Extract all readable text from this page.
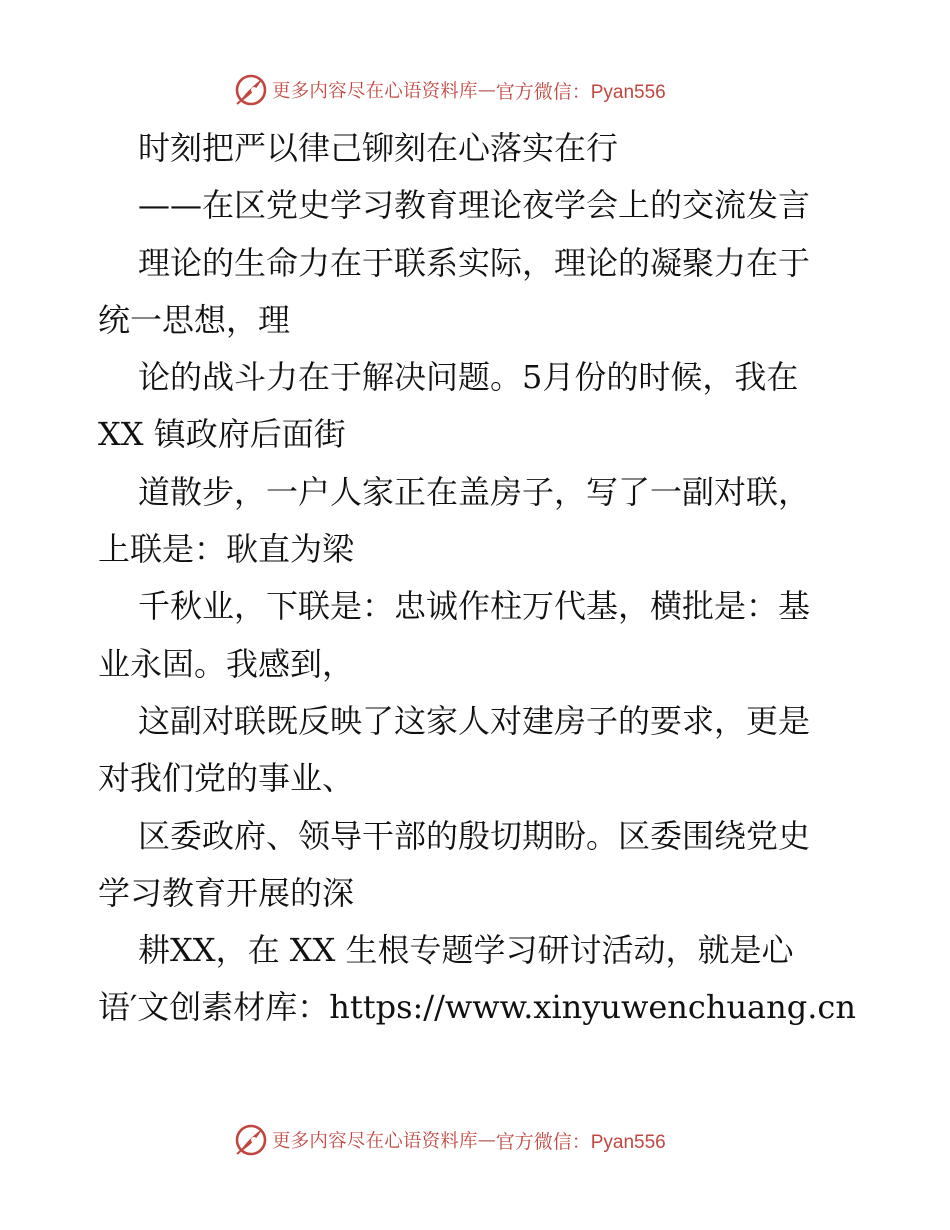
更多内容尽在心语资料库 — 官方微信：Pyan556
时刻把严以律己铆刻在心落实在行
——在区党史学习教育理论夜学会上的交流发言
理论的生命力在于联系实际，理论的凝聚力在于
统一思想，理
论的战斗力在于解决问题。5月份的时候，我在
XX 镇政府后面街
道散步，一户人家正在盖房子，写了一副对联，
上联是：耿直为梁
千秋业，下联是：忠诚作柱万代基，横批是：基
业永固。我感到，
这副对联既反映了这家人对建房子的要求，更是
对我们党的事业、
区委政府、领导干部的殷切期盼。区委围绕党史
学习教育开展的深
耕XX，在 XX 生根专题学习研讨活动，就是心
语′文创素材库：https://www.xinyuwenchuang.cn
更多内容尽在心语资料库 — 官方微信：Pyan556
